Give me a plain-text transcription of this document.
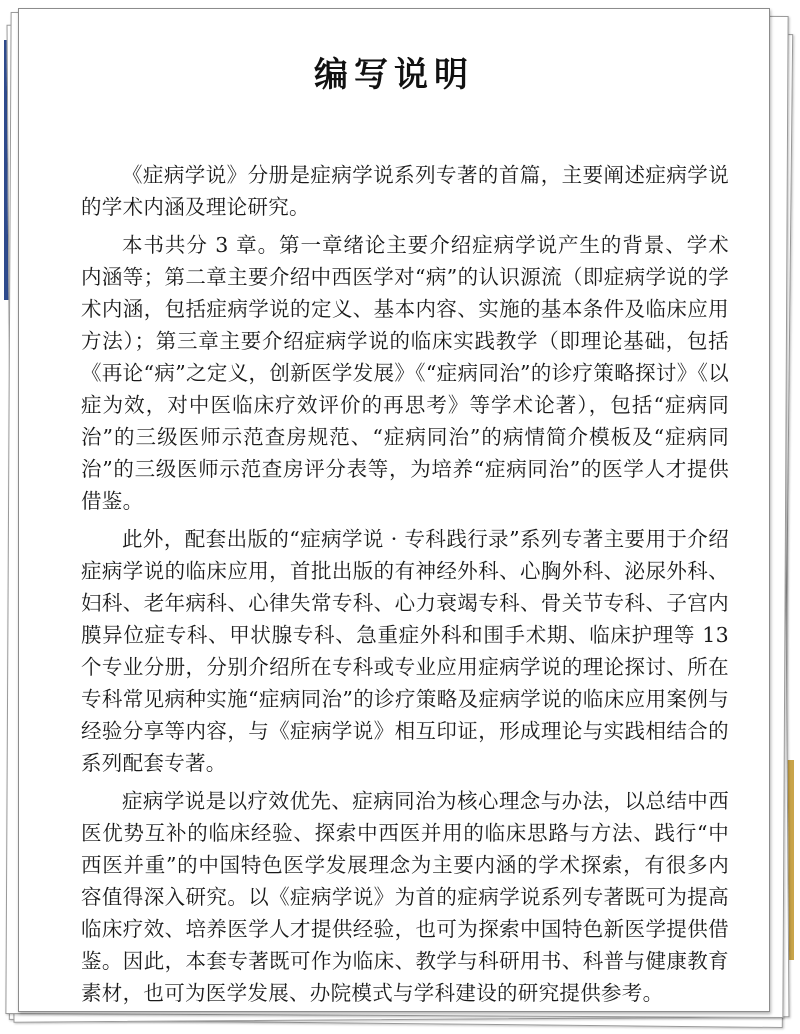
编写说明

《症病学说》分册是症病学说系列专著的首篇，主要阐述症病学说的学术内涵及理论研究。

本书共分 3 章。第一章绪论主要介绍症病学说产生的背景、学术内涵等；第二章主要介绍中西医学对“病”的认识源流（即症病学说的学术内涵，包括症病学说的定义、基本内容、实施的基本条件及临床应用方法）；第三章主要介绍症病学说的临床实践教学（即理论基础，包括《再论“病”之定义，创新医学发展》《“症病同治”的诊疗策略探讨》《以症为效，对中医临床疗效评价的再思考》等学术论著），包括“症病同治”的三级医师示范查房规范、“症病同治”的病情简介模板及“症病同治”的三级医师示范查房评分表等，为培养“症病同治”的医学人才提供借鉴。

此外，配套出版的“症病学说 · 专科践行录”系列专著主要用于介绍症病学说的临床应用，首批出版的有神经外科、心胸外科、泌尿外科、妇科、老年病科、心律失常专科、心力衰竭专科、骨关节专科、子宫内膜异位症专科、甲状腺专科、急重症外科和围手术期、临床护理等 13 个专业分册，分别介绍所在专科或专业应用症病学说的理论探讨、所在专科常见病种实施“症病同治”的诊疗策略及症病学说的临床应用案例与经验分享等内容，与《症病学说》相互印证，形成理论与实践相结合的系列配套专著。

症病学说是以疗效优先、症病同治为核心理念与办法，以总结中西医优势互补的临床经验、探索中西医并用的临床思路与方法、践行“中西医并重”的中国特色医学发展理念为主要内涵的学术探索，有很多内容值得深入研究。以《症病学说》为首的症病学说系列专著既可为提高临床疗效、培养医学人才提供经验，也可为探索中国特色新医学提供借鉴。因此，本套专著既可作为临床、教学与科研用书、科普与健康教育素材，也可为医学发展、办院模式与学科建设的研究提供参考。
